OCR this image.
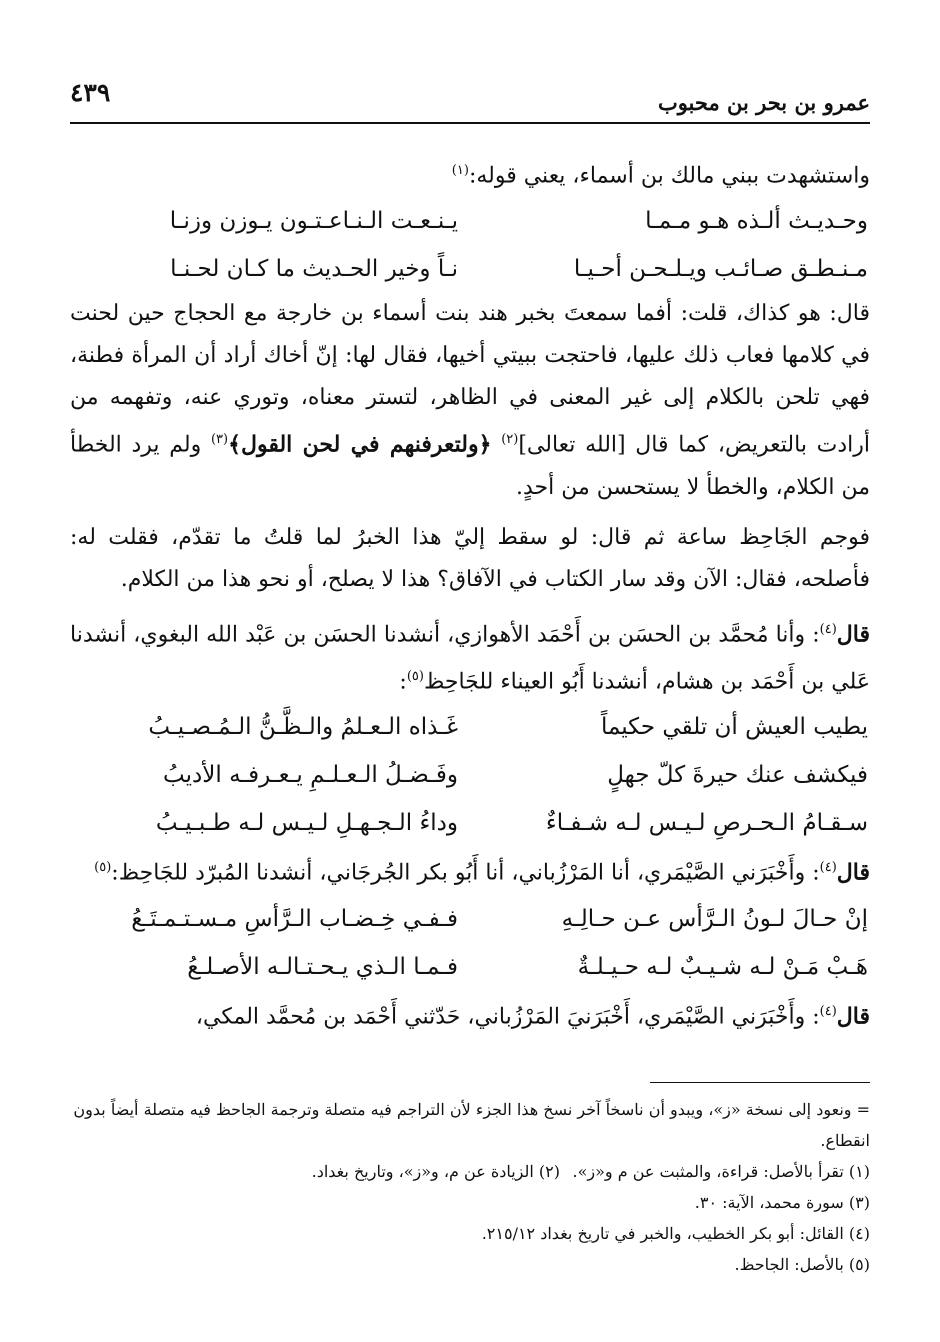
٤٣٩	عمرو بن بحر بن محبوب

واستشهدت ببني مالك بن أسماء، يعني قوله:$^{(١)}$

وحـديـث ألـذه هـو مـمـا
يـنـعـت الـنـاعـتـون يـوزن وزنـا
مـنـطـق صـائـب ويـلـحـن أحـيـا
نـاً وخير الحـديث ما كـان لحـنـا

قال: هو كذاك، قلت: أفما سمعتَ بخبر هند بنت أسماء بن خارجة مع الحجاج حين لحنت في كلامها فعاب ذلك عليها، فاحتجت ببيتي أخيها، فقال لها: إنّ أخاك أراد أن المرأة فطنة، فهي تلحن بالكلام إلى غير المعنى في الظاهر، لتستر معناه، وتوري عنه، وتفهمه من أرادت بالتعريض، كما قال [الله تعالى]$^{(٢)}$ ﴿ولتعرفنهم في لحن القول﴾$^{(٣)}$ ولم يرد الخطأ من الكلام، والخطأ لا يستحسن من أحدٍ.

فوجم الجَاحِظ ساعة ثم قال: لو سقط إليّ هذا الخبرُ لما قلتُ ما تقدّم، فقلت له: فأصلحه، فقال: الآن وقد سار الكتاب في الآفاق؟ هذا لا يصلح، أو نحو هذا من الكلام.

قال$^{(٤)}$: وأنا مُحمَّد بن الحسَن بن أَحْمَد الأهوازي، أنشدنا الحسَن بن عَبْد الله البغوي، أنشدنا عَلي بن أَحْمَد بن هشام، أنشدنا أَبُو العيناء للجَاحِظ$^{(٥)}$:

يطيب العيش أن تلقي حكيماً
غَـذاه الـعـلمُ والـظَّـنُّ الـمُـصـيـبُ
فيكشف عنك حيرةَ كلّ جهلٍ
وفَـضـلُ الـعـلـمِ يـعـرفـه الأديبُ
سـقـامُ الـحـرصِ لـيـس لـه شـفـاءٌ
وداءُ الـجـهـلِ لـيـس لـه طـبـيـبُ

قال$^{(٤)}$: وأَخْبَرَني الصَّيْمَري، أنا المَرْزُباني، أنا أَبُو بكر الجُرجَاني، أنشدنا المُبرّد للجَاحِظ:$^{(٥)}$

إنْ حـالَ لـونُ الـرَّأس عـن حـالِـهِ
فـفـي خِـضـاب الـرَّأسِ مـسـتـمـتَـعُ
هَـبْ مَـنْ لـه شـيـبٌ لـه حـيـلـةٌ
فـمـا الـذي يـحـتـالـه الأصـلـعُ

قال$^{(٤)}$: وأَخْبَرَني الصَّيْمَري، أَخْبَرَنيَ المَرْزُباني، حَدّثني أَحْمَد بن مُحمَّد المكي،

= ونعود إلى نسخة «ز»، ويبدو أن ناسخاً آخر نسخ هذا الجزء لأن التراجم فيه متصلة وترجمة الجاحظ فيه متصلة أيضاً بدون انقطاع.
(١) تقرأ بالأصل: قراءة، والمثبت عن م و«ز».
(٢) الزيادة عن م، و«ز»، وتاريخ بغداد.
(٣) سورة محمد، الآية: ٣٠.
(٤) القائل: أبو بكر الخطيب، والخبر في تاريخ بغداد ٢١٥/١٢.
(٥) بالأصل: الجاحظ.
